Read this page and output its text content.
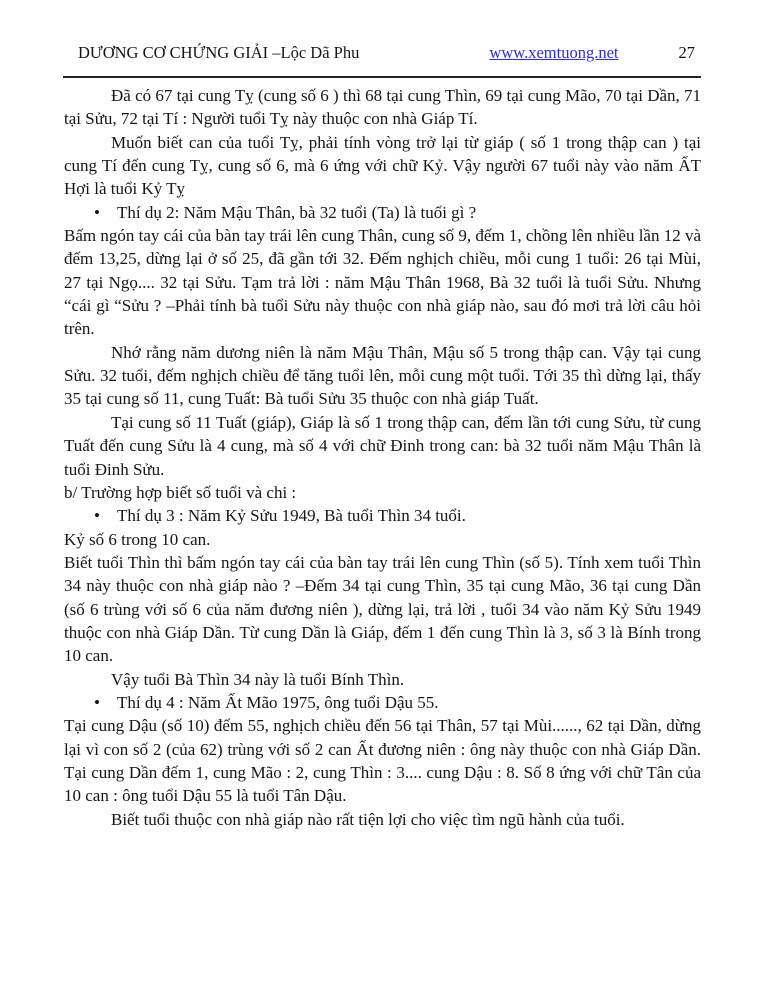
DƯƠNG CƠ CHỨNG GIẢI –Lộc Dã Phu	www.xemtuong.net	27

Đã có 67 tại cung Tỵ (cung số 6 ) thì 68 tại cung Thìn, 69 tại cung Mão, 70 tại Dần, 71 tại Sửu, 72 tại Tí : Người tuổi Tỵ này thuộc con nhà Giáp Tí.

Muốn biết can của tuổi Tỵ, phải tính vòng trở lại từ giáp ( số 1 trong thập can ) tại cung Tí đến cung Tỵ, cung số 6, mà 6 ứng với chữ Kỷ. Vậy người 67 tuổi này vào năm ẤT Hợi là tuổi Kỷ Tỵ

•	Thí dụ 2: Năm Mậu Thân, bà 32 tuổi (Ta) là tuổi gì ?

Bấm ngón tay cái của bàn tay trái lên cung Thân, cung số 9, đếm 1, chồng lên nhiều lần 12 và đếm 13,25, dừng lại ở số 25, đã gần tới 32. Đếm nghịch chiều, mỗi cung 1 tuổi: 26 tại Mùi, 27 tại Ngọ.... 32 tại Sửu. Tạm trả lời : năm Mậu Thân 1968, Bà 32 tuổi là tuổi Sửu. Nhưng “cái gì “Sửu ? –Phải tính bà tuổi Sửu này thuộc con nhà giáp nào, sau đó mơi trả lời câu hỏi trên.

Nhớ rằng năm dương niên là năm Mậu Thân, Mậu số 5 trong thập can. Vậy tại cung Sửu. 32 tuổi, đếm nghịch chiều để tăng tuổi lên, mỗi cung một tuổi. Tới 35 thì dừng lại, thấy 35 tại cung số 11, cung Tuất: Bà tuổi Sửu 35 thuộc con nhà giáp Tuất.

Tại cung số 11 Tuất (giáp), Giáp là số 1 trong thập can, đếm lần tới cung Sửu, từ cung Tuất đến cung Sửu là 4 cung, mà số 4 với chữ Đinh trong can: bà 32 tuổi năm Mậu Thân là tuổi Đinh Sửu.

b/ Trường hợp biết số tuổi và chi :

•	Thí dụ 3 : Năm Kỷ Sửu 1949, Bà tuổi Thìn 34 tuổi.

Kỷ số 6 trong 10 can.

Biết tuổi Thìn thì bấm ngón tay cái của bàn tay trái lên cung Thìn (số 5). Tính xem tuổi Thìn 34 này thuộc con nhà giáp nào ? –Đếm 34 tại cung Thìn, 35 tại cung Mão, 36 tại cung Dần (số 6 trùng với số 6 của năm đương niên ), dừng lại, trả lời , tuổi 34 vào năm Kỷ Sửu 1949 thuộc con nhà Giáp Dần. Từ cung Dần là Giáp, đếm 1 đến cung Thìn là 3, số 3 là Bính trong 10 can.

Vậy tuổi Bà Thìn 34 này là tuổi Bính Thìn.

•	Thí dụ 4 : Năm Ất Mão 1975, ông tuổi Dậu 55.

Tại cung Dậu (số 10) đếm 55, nghịch chiều đến 56 tại Thân, 57 tại Mùi......, 62 tại Dần, dừng lại vì con số 2 (của 62) trùng với số 2 can Ất đương niên : ông này thuộc con nhà Giáp Dần. Tại cung Dần đếm 1, cung Mão : 2, cung Thìn : 3.... cung Dậu : 8. Số 8 ứng với chữ Tân của 10 can : ông tuổi Dậu 55 là tuổi Tân Dậu.

Biết tuổi thuộc con nhà giáp nào rất tiện lợi cho việc tìm ngũ hành của tuổi.
